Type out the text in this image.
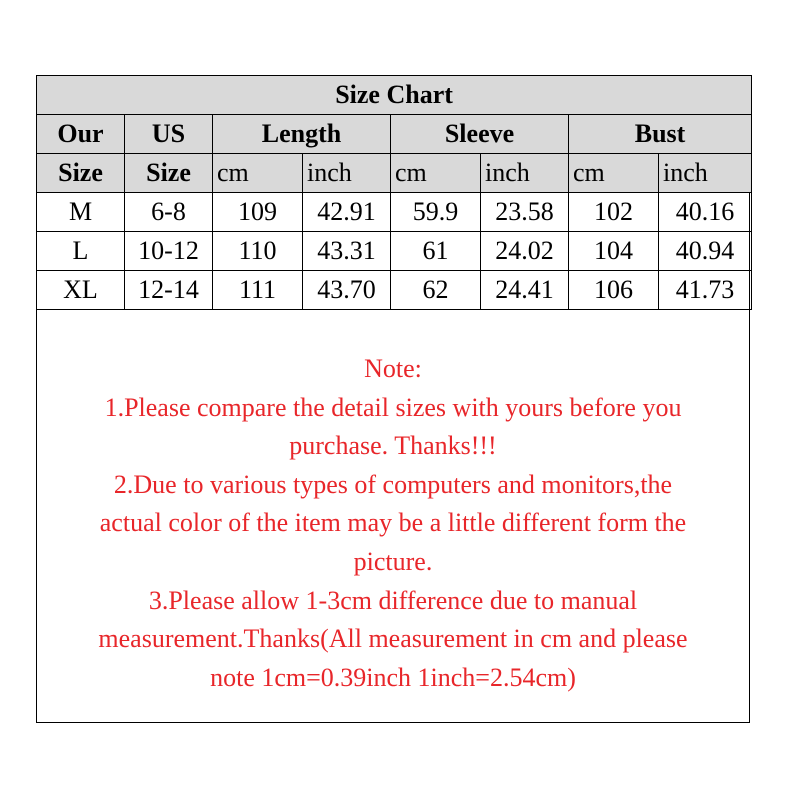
Size Chart							
Our	US	Length		Sleeve		Bust	
Size	Size	cm	inch	cm	inch	cm	inch
M	6-8	109	42.91	59.9	23.58	102	40.16
L	10-12	110	43.31	61	24.02	104	40.94
XL	12-14	111	43.70	62	24.41	106	41.73
Note:
1.Please compare the detail sizes with yours before you
purchase. Thanks!!!
2.Due to various types of computers and monitors,the
actual color of the item may be a little different form the
picture.
3.Please allow 1-3cm difference due to manual
measurement.Thanks(All measurement in cm and please
note 1cm=0.39inch 1inch=2.54cm)
